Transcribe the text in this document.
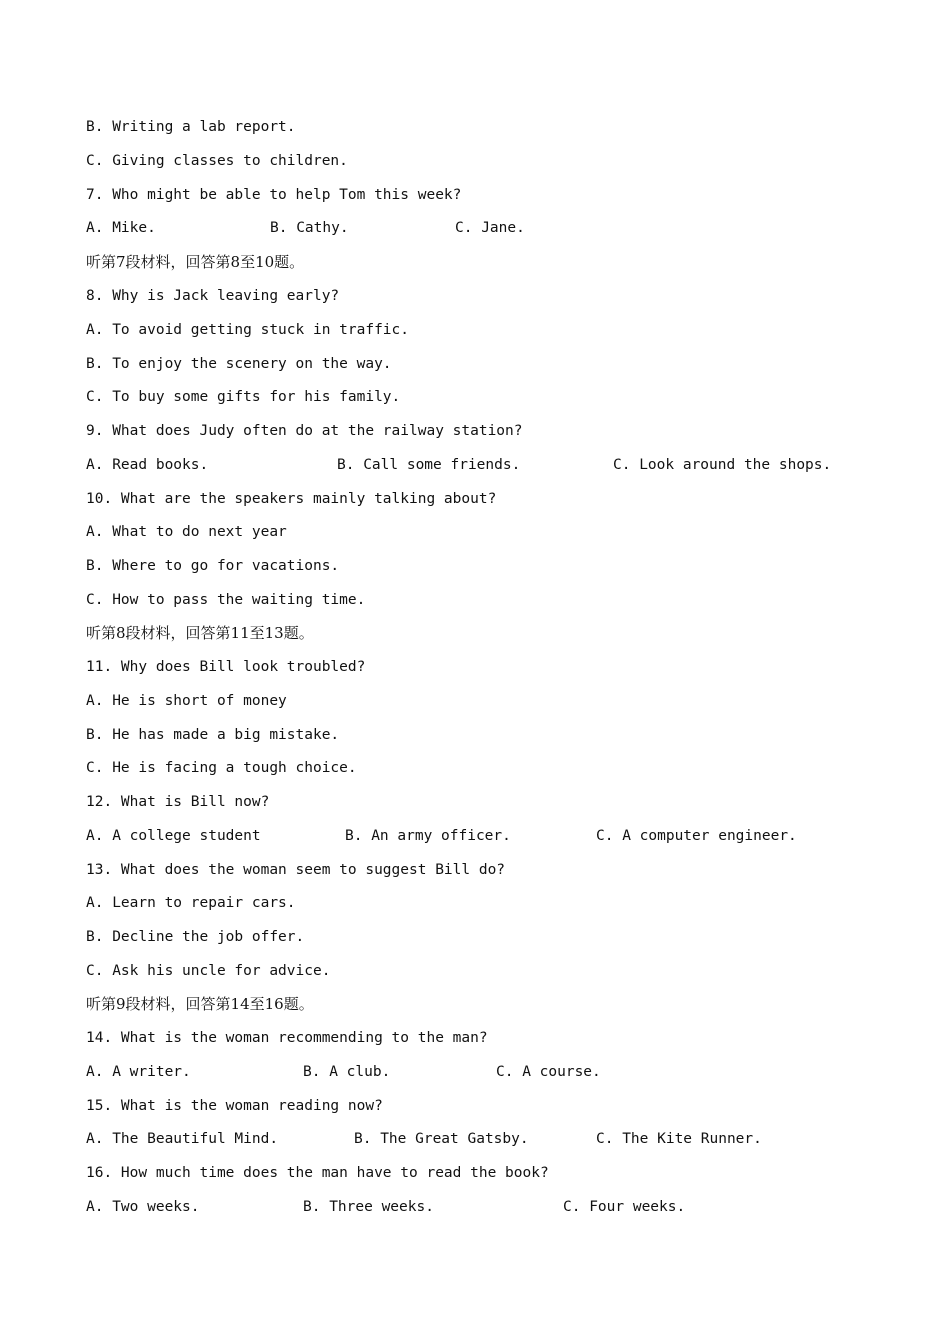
B. Writing a lab report.
C. Giving classes to children.
7. Who might be able to help Tom this week?
A. Mike.	B. Cathy.	C. Jane.
听第7段材料，回答第8至10题。
8. Why is Jack leaving early?
A. To avoid getting stuck in traffic.
B. To enjoy the scenery on the way.
C. To buy some gifts for his family.
9. What does Judy often do at the railway station?
A. Read books.	B. Call some friends.	C. Look around the shops.
10. What are the speakers mainly talking about?
A. What to do next year
B. Where to go for vacations.
C. How to pass the waiting time.
听第8段材料，回答第11至13题。
11. Why does Bill look troubled?
A. He is short of money
B. He has made a big mistake.
C. He is facing a tough choice.
12. What is Bill now?
A. A college student	B. An army officer.	C. A computer engineer.
13. What does the woman seem to suggest Bill do?
A. Learn to repair cars.
B. Decline the job offer.
C. Ask his uncle for advice.
听第9段材料，回答第14至16题。
14. What is the woman recommending to the man?
A. A writer.	B. A club.	C. A course.
15. What is the woman reading now?
A. The Beautiful Mind.	B. The Great Gatsby.	C. The Kite Runner.
16. How much time does the man have to read the book?
A. Two weeks.	B. Three weeks.	C. Four weeks.
